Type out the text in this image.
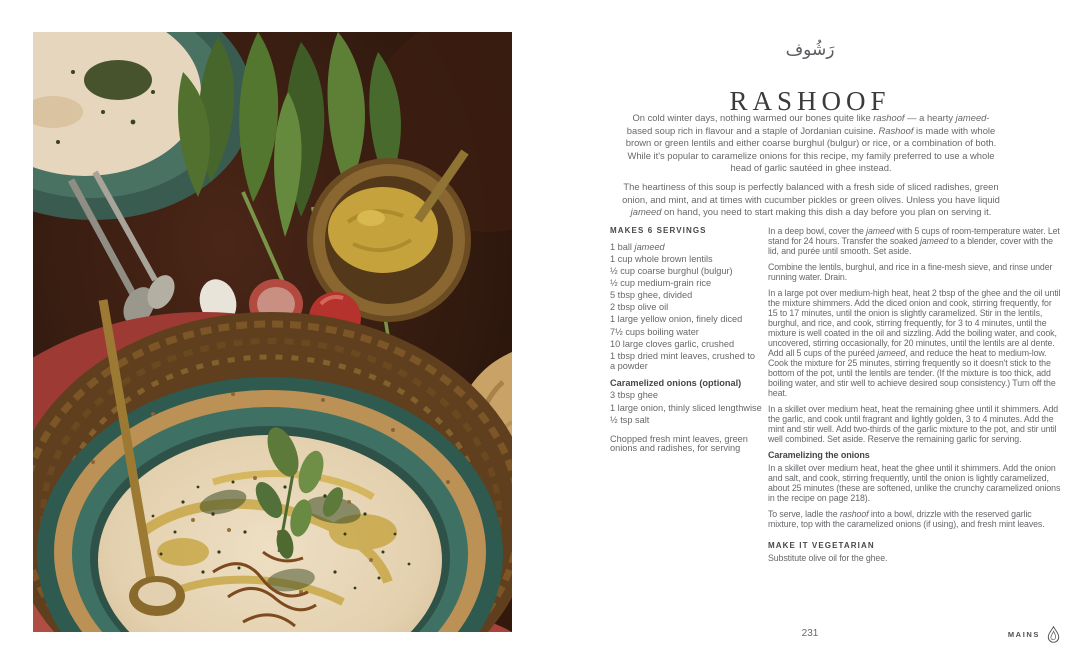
رَشُوف
RASHOOF

On cold winter days, nothing warmed our bones quite like rashoof — a hearty jameed-based soup rich in flavour and a staple of Jordanian cuisine. Rashoof is made with whole brown or green lentils and either coarse burghul (bulgur) or rice, or a combination of both. While it's popular to caramelize onions for this recipe, my family preferred to use a whole head of garlic sautéed in ghee instead.

The heartiness of this soup is perfectly balanced with a fresh side of sliced radishes, green onion, and mint, and at times with cucumber pickles or green olives. Unless you have liquid jameed on hand, you need to start making this dish a day before you plan on serving it.

MAKES 6 SERVINGS
1 ball jameed
1 cup whole brown lentils
½ cup coarse burghul (bulgur)
½ cup medium-grain rice
5 tbsp ghee, divided
2 tbsp olive oil
1 large yellow onion, finely diced
7½ cups boiling water
10 large cloves garlic, crushed
1 tbsp dried mint leaves, crushed to a powder
Caramelized onions (optional)
3 tbsp ghee
1 large onion, thinly sliced lengthwise
½ tsp salt
Chopped fresh mint leaves, green onions and radishes, for serving

In a deep bowl, cover the jameed with 5 cups of room-temperature water. Let stand for 24 hours. Transfer the soaked jameed to a blender, cover with the lid, and purée until smooth. Set aside.

Combine the lentils, burghul, and rice in a fine-mesh sieve, and rinse under running water. Drain.

In a large pot over medium-high heat, heat 2 tbsp of the ghee and the oil until the mixture shimmers. Add the diced onion and cook, stirring frequently, for 15 to 17 minutes, until the onion is slightly caramelized. Stir in the lentils, burghul, and rice, and cook, stirring frequently, for 3 to 4 minutes, until the mixture is well coated in the oil and sizzling. Add the boiling water, and cook, uncovered, stirring occasionally, for 20 minutes, until the lentils are al dente. Add all 5 cups of the puréed jameed, and reduce the heat to medium-low. Cook the mixture for 25 minutes, stirring frequently so it doesn't stick to the bottom of the pot, until the lentils are tender. (If the mixture is too thick, add boiling water, and stir well to achieve desired soup consistency.) Turn off the heat.

In a skillet over medium heat, heat the remaining ghee until it shimmers. Add the garlic, and cook until fragrant and lightly golden, 3 to 4 minutes. Add the mint and stir well. Add two-thirds of the garlic mixture to the pot, and stir until well combined. Set aside. Reserve the remaining garlic for serving.

Caramelizing the onions

In a skillet over medium heat, heat the ghee until it shimmers. Add the onion and salt, and cook, stirring frequently, until the onion is lightly caramelized, about 25 minutes (these are softened, unlike the crunchy caramelized onions in the recipe on page 218).

To serve, ladle the rashoof into a bowl, drizzle with the reserved garlic mixture, top with the caramelized onions (if using), and fresh mint leaves.

MAKE IT VEGETARIAN
Substitute olive oil for the ghee.
231	MAINS
